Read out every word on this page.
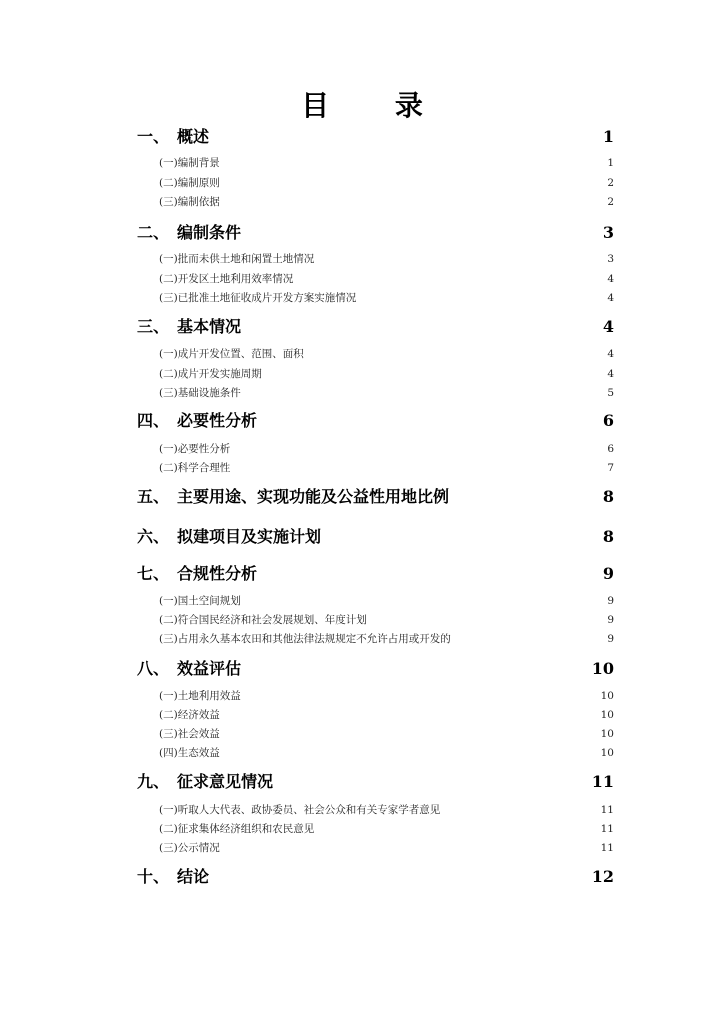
目 录
一、 概述	1
(一)编制背景	1
(二)编制原则	2
(三)编制依据	2
二、 编制条件	3
(一)批而未供土地和闲置土地情况	3
(二)开发区土地利用效率情况	4
(三)已批准土地征收成片开发方案实施情况	4
三、 基本情况	4
(一)成片开发位置、范围、面积	4
(二)成片开发实施周期	4
(三)基础设施条件	5
四、 必要性分析	6
(一)必要性分析	6
(二)科学合理性	7
五、 主要用途、实现功能及公益性用地比例	8
六、 拟建项目及实施计划	8
七、 合规性分析	9
(一)国土空间规划	9
(二)符合国民经济和社会发展规划、年度计划	9
(三)占用永久基本农田和其他法律法规规定不允许占用或开发的	9
八、 效益评估	10
(一)土地利用效益	10
(二)经济效益	10
(三)社会效益	10
(四)生态效益	10
九、 征求意见情况	11
(一)听取人大代表、政协委员、社会公众和有关专家学者意见	11
(二)征求集体经济组织和农民意见	11
(三)公示情况	11
十、 结论	12
